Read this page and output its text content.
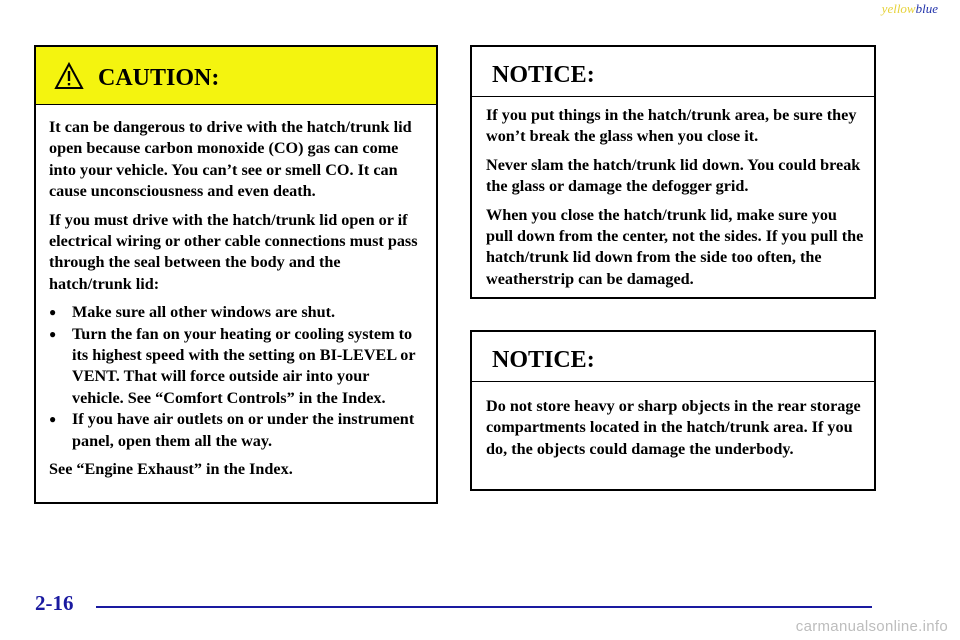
yellowblue
CAUTION:

It can be dangerous to drive with the hatch/trunk lid open because carbon monoxide (CO) gas can come into your vehicle. You can’t see or smell CO. It can cause unconsciousness and even death.

If you must drive with the hatch/trunk lid open or if electrical wiring or other cable connections must pass through the seal between the body and the hatch/trunk lid:

● Make sure all other windows are shut.
● Turn the fan on your heating or cooling system to its highest speed with the setting on BI-LEVEL or VENT. That will force outside air into your vehicle. See “Comfort Controls” in the Index.
● If you have air outlets on or under the instrument panel, open them all the way.

See “Engine Exhaust” in the Index.

NOTICE:

If you put things in the hatch/trunk area, be sure they won’t break the glass when you close it.

Never slam the hatch/trunk lid down. You could break the glass or damage the defogger grid.

When you close the hatch/trunk lid, make sure you pull down from the center, not the sides. If you pull the hatch/trunk lid down from the side too often, the weatherstrip can be damaged.

NOTICE:

Do not store heavy or sharp objects in the rear storage compartments located in the hatch/trunk area. If you do, the objects could damage the underbody.

2-16
carmanualsonline.info
